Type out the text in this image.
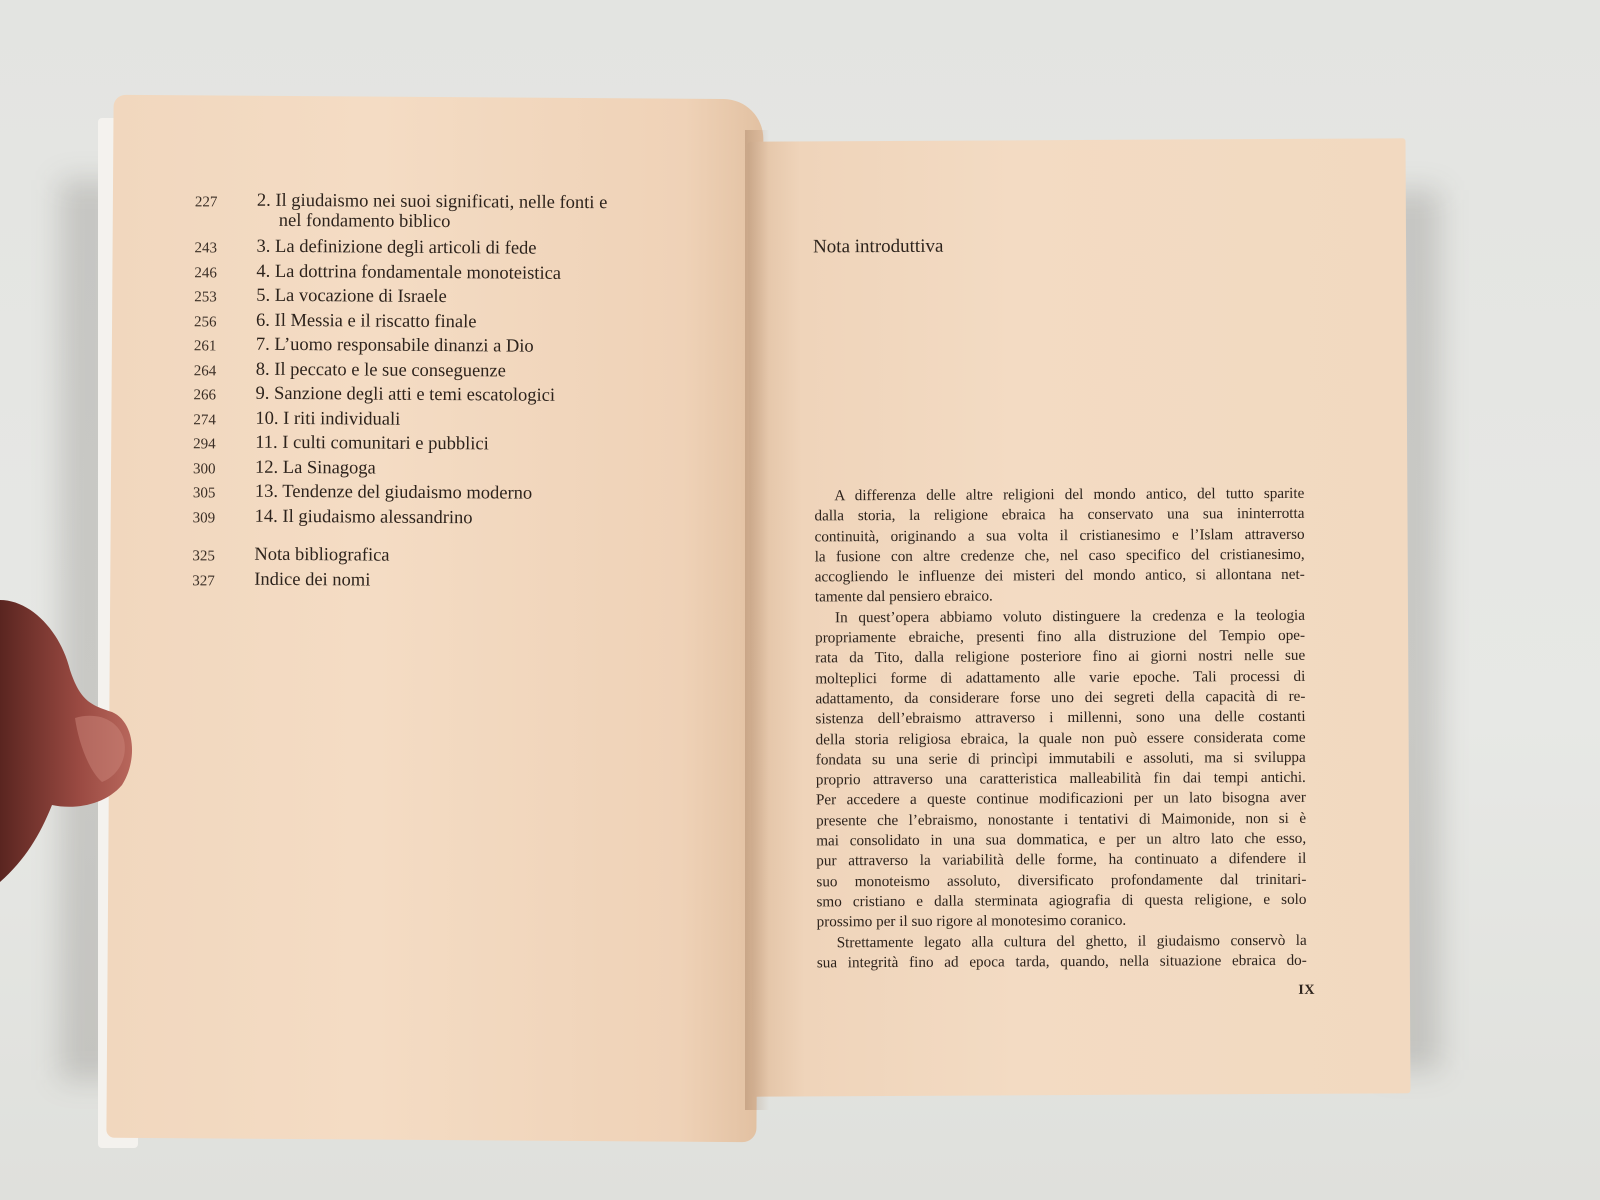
227	2. Il giudaismo nei suoi significati, nelle fonti e
nel fondamento biblico
243	3. La definizione degli articoli di fede
246	4. La dottrina fondamentale monoteistica
253	5. La vocazione di Israele
256	6. Il Messia e il riscatto finale
261	7. L’uomo responsabile dinanzi a Dio
264	8. Il peccato e le sue conseguenze
266	9. Sanzione degli atti e temi escatologici
274	10. I riti individuali
294	11. I culti comunitari e pubblici
300	12. La Sinagoga
305	13. Tendenze del giudaismo moderno
309	14. Il giudaismo alessandrino
325	Nota bibliografica
327	Indice dei nomi
Nota introduttiva
A differenza delle altre religioni del mondo antico, del tutto sparite
dalla storia, la religione ebraica ha conservato una sua ininterrotta
continuità, originando a sua volta il cristianesimo e l’Islam attraverso
la fusione con altre credenze che, nel caso specifico del cristianesimo,
accogliendo le influenze dei misteri del mondo antico, si allontana net-
tamente dal pensiero ebraico.
In quest’opera abbiamo voluto distinguere la credenza e la teologia
propriamente ebraiche, presenti fino alla distruzione del Tempio ope-
rata da Tito, dalla religione posteriore fino ai giorni nostri nelle sue
molteplici forme di adattamento alle varie epoche. Tali processi di
adattamento, da considerare forse uno dei segreti della capacità di re-
sistenza dell’ebraismo attraverso i millenni, sono una delle costanti
della storia religiosa ebraica, la quale non può essere considerata come
fondata su una serie di princìpi immutabili e assoluti, ma si sviluppa
proprio attraverso una caratteristica malleabilità fin dai tempi antichi.
Per accedere a queste continue modificazioni per un lato bisogna aver
presente che l’ebraismo, nonostante i tentativi di Maimonide, non si è
mai consolidato in una sua dommatica, e per un altro lato che esso,
pur attraverso la variabilità delle forme, ha continuato a difendere il
suo monoteismo assoluto, diversificato profondamente dal trinitari-
smo cristiano e dalla sterminata agiografia di questa religione, e solo
prossimo per il suo rigore al monotesimo coranico.
Strettamente legato alla cultura del ghetto, il giudaismo conservò la
sua integrità fino ad epoca tarda, quando, nella situazione ebraica do-
IX
